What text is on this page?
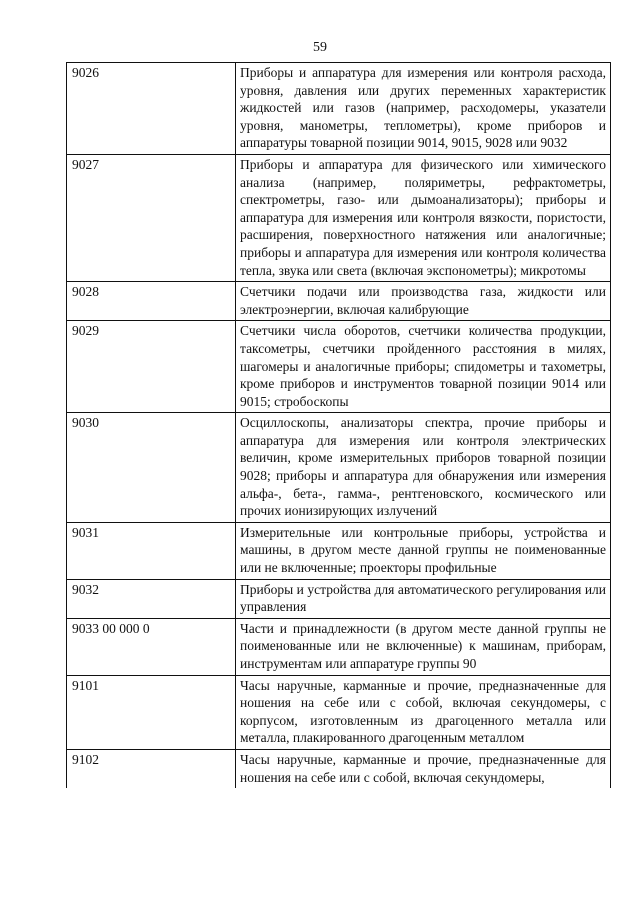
59
9026	Приборы и аппаратура для измерения или контроля расхода, уровня, давления или других переменных характеристик жидкостей или газов (например, расходомеры, указатели уровня, манометры, теплометры), кроме приборов и аппаратуры товарной позиции 9014, 9015, 9028 или 9032
9027	Приборы и аппаратура для физического или химического анализа (например, поляриметры, рефрактометры, спектрометры, газо- или дымоанализаторы); приборы и аппаратура для измерения или контроля вязкости, пористости, расширения, поверхностного натяжения или аналогичные; приборы и аппаратура для измерения или контроля количества тепла, звука или света (включая экспонометры); микротомы
9028	Счетчики подачи или производства газа, жидкости или электроэнергии, включая калибрующие
9029	Счетчики числа оборотов, счетчики количества продукции, таксометры, счетчики пройденного расстояния в милях, шагомеры и аналогичные приборы; спидометры и тахометры, кроме приборов и инструментов товарной позиции 9014 или 9015; стробоскопы
9030	Осциллоскопы, анализаторы спектра, прочие приборы и аппаратура для измерения или контроля электрических величин, кроме измерительных приборов товарной позиции 9028; приборы и аппаратура для обнаружения или измерения альфа-, бета-, гамма-, рентгеновского, космического или прочих ионизирующих излучений
9031	Измерительные или контрольные приборы, устройства и машины, в другом месте данной группы не поименованные или не включенные; проекторы профильные
9032	Приборы и устройства для автоматического регулирования или управления
9033 00 000 0	Части и принадлежности (в другом месте данной группы не поименованные или не включенные) к машинам, приборам, инструментам или аппаратуре группы 90
9101	Часы наручные, карманные и прочие, предназначенные для ношения на себе или с собой, включая секундомеры, с корпусом, изготовленным из драгоценного металла или металла, плакированного драгоценным металлом
9102	Часы наручные, карманные и прочие, предназначенные для ношения на себе или с собой, включая секундомеры,
